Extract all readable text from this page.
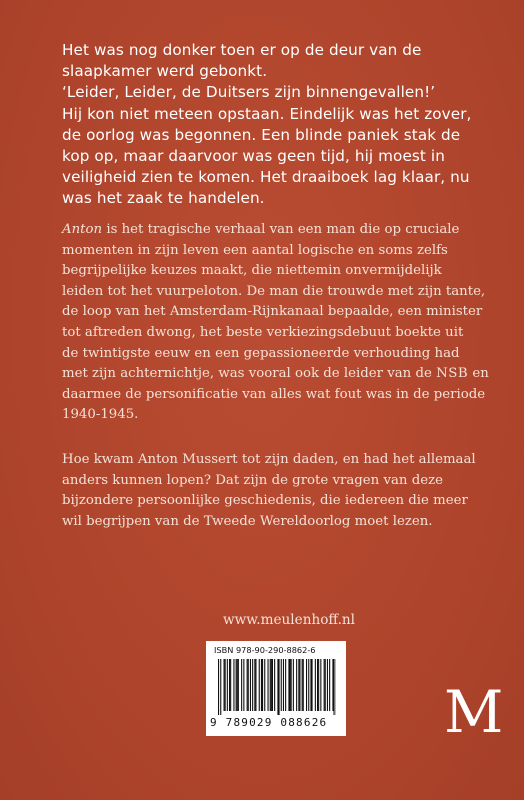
Het was nog donker toen er op de deur van de
slaapkamer werd gebonkt.
‘Leider, Leider, de Duitsers zijn binnengevallen!’
Hij kon niet meteen opstaan. Eindelijk was het zover,
de oorlog was begonnen. Een blinde paniek stak de
kop op, maar daarvoor was geen tijd, hij moest in
veiligheid zien te komen. Het draaiboek lag klaar, nu
was het zaak te handelen.
Anton is het tragische verhaal van een man die op cruciale
momenten in zijn leven een aantal logische en soms zelfs
begrijpelijke keuzes maakt, die niettemin onvermijdelijk
leiden tot het vuurpeloton. De man die trouwde met zijn tante,
de loop van het Amsterdam-Rijnkanaal bepaalde, een minister
tot aftreden dwong, het beste verkiezingsdebuut boekte uit
de twintigste eeuw en een gepassioneerde verhouding had
met zijn achternichtje, was vooral ook de leider van de NSB en
daarmee de personificatie van alles wat fout was in de periode
1940-1945.
Hoe kwam Anton Mussert tot zijn daden, en had het allemaal
anders kunnen lopen? Dat zijn de grote vragen van deze
bijzondere persoonlijke geschiedenis, die iedereen die meer
wil begrijpen van de Tweede Wereldoorlog moet lezen.
www.meulenhoff.nl
ISBN 978-90-290-8862-6
9 789029 088626 M
